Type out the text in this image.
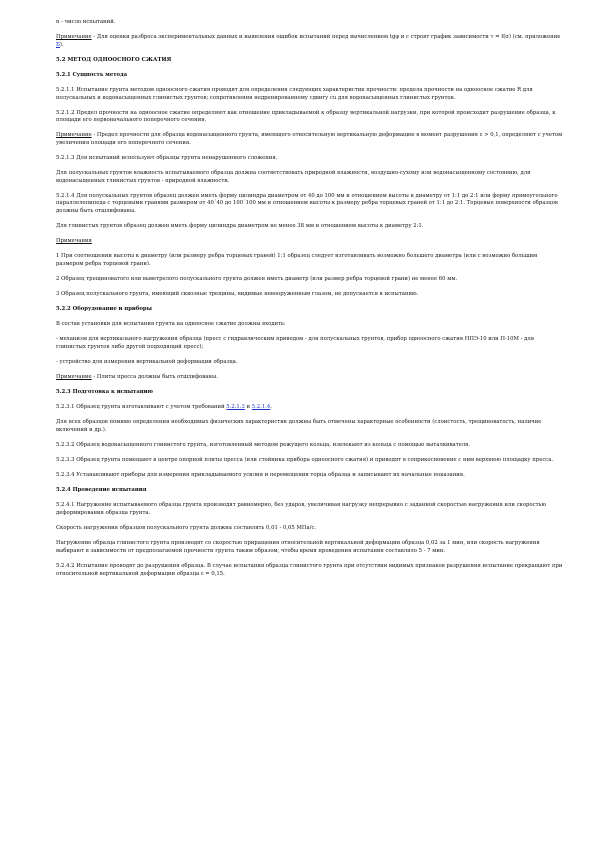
n - число испытаний.

Примечание - Для оценки разброса экспериментальных данных и выявления ошибок испытаний перед вычислением tgφ и c строят график зависимости τ = f(σ) (см. приложение Б).

5.2 МЕТОД ОДНООСНОГО СЖАТИЯ

5.2.1 Сущность метода

5.2.1.1 Испытание грунта методом одноосного сжатия проводят для определения следующих характеристик прочности: предела прочности на одноосное сжатие R для полускальных и водонасыщенных глинистых грунтов; сопротивления недренированному сдвигу cu для водонасыщенных глинистых грунтов.

5.2.1.2 Предел прочности на одноосное сжатие определяют как отношение прикладываемой к образцу вертикальной нагрузки, при которой происходит разрушение образца, к площади его первоначального поперечного сечения.

Примечание - Предел прочности для образца водонасыщенного грунта, имеющего относительную вертикальную деформацию в момент разрушения ε > 0,1, определяют с учетом увеличения площади его поперечного сечения.

5.2.1.3 Для испытаний используют образцы грунта ненарушенного сложения.

Для полускальных грунтов влажность испытываемого образца должна соответствовать природной влажности, воздушно-сухому или водонасыщенному состоянию, для водонасыщенных глинистых грунтов - природной влажности.

5.2.1.4 Для полускальных грунтов образец должен иметь форму цилиндра диаметром от 40 до 100 мм и отношением высоты к диаметру от 1:1 до 2:1 или форму прямоугольного параллелепипеда с торцевыми гранями размером от 40´40 до 100´100 мм и отношением высоты к размеру ребра торцевых граней от 1:1 до 2:1. Торцевые поверхности образцов должны быть отшлифованы.

Для глинистых грунтов образец должен иметь форму цилиндра диаметром не менее 38 мм и отношением высоты к диаметру 2:1.

Примечания

1 При соотношении высоты к диаметру (или размеру ребра торцевых граней) 1:1 образец следует изготавливать возможно большего диаметра (или с возможно большим размером ребра торцевой грани).

2 Образец трещиноватого или выветрелого полускального грунта должен иметь диаметр (или размер ребра торцевой грани) не менее 60 мм.

3 Образец полускального грунта, имеющий сквозные трещины, видимые невооруженным глазом, не допускается к испытанию.

5.2.2 Оборудование и приборы

В состав установки для испытания грунта на одноосное сжатие должны входить:

- механизм для вертикального нагружения образца (пресс с гидравлическим приводом - для полускальных грунтов, прибор одноосного сжатия НПЭ-10 или П-10М - для глинистых грунтов либо другой подходящий пресс);

- устройство для измерения вертикальной деформации образца.

Примечание - Плиты пресса должны быть отшлифованы.

5.2.3 Подготовка к испытанию

5.2.3.1 Образец грунта изготавливают с учетом требований 5.2.1.3 и 5.2.1.4.

Для всех образцов помимо определения необходимых физических характеристик должны быть отмечены характерные особенности (слоистость, трещиноватость, наличие включений и др.).

5.2.3.2 Образец водонасыщенного глинистого грунта, изготовленный методом режущего кольца, извлекают из кольца с помощью выталкивателя.

5.2.3.3 Образец грунта помещают в центре опорной плиты пресса (или стойника прибора одноосного сжатия) и приводят в соприкосновение с ним верхнюю площадку пресса.

5.2.3.4 Устанавливают приборы для измерения прикладываемого усилия и перемещения торца образца и записывают их начальные показания.

5.2.4 Проведение испытания

5.2.4.1 Нагружение испытываемого образца грунта производят равномерно, без ударов, увеличивая нагрузку непрерывно с заданной скоростью нагружения или скоростью деформирования образца грунта.

Скорость нагружения образцов полускального грунта должна составлять 0,01 - 0,05 МПа/с.

Нагружение образца глинистого грунта производят со скоростью приращения относительной вертикальной деформации образца 0,02 за 1 мин, или скорость нагружения выбирают в зависимости от предполагаемой прочности грунта таким образом, чтобы время проведения испытания составляло 5 - 7 мин.

5.2.4.2 Испытание проводят до разрушения образца. В случае испытания образца глинистого грунта при отсутствии видимых признаков разрушения испытание прекращают при относительной вертикальной деформации образца ε = 0,15.
